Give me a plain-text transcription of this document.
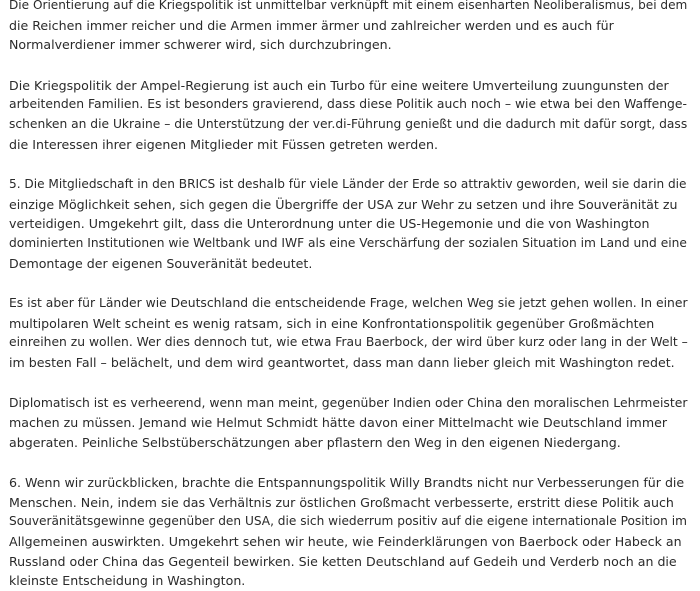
Die Orientierung auf die Kriegspolitik ist unmittelbar verknüpft mit einem eisenharten Neoliberalismus, bei dem
die Reichen immer reicher und die Armen immer ärmer und zahlreicher werden und es auch für
Normalverdiener immer schwerer wird, sich durchzubringen.

Die Kriegspolitik der Ampel-Regierung ist auch ein Turbo für eine weitere Umverteilung zuungunsten der
arbeitenden Familien. Es ist besonders gravierend, dass diese Politik auch noch – wie etwa bei den Waffenge-
schenken an die Ukraine – die Unterstützung der ver.di-Führung genießt und die dadurch mit dafür sorgt, dass
die Interessen ihrer eigenen Mitglieder mit Füssen getreten werden.

5. Die Mitgliedschaft in den BRICS ist deshalb für viele Länder der Erde so attraktiv geworden, weil sie darin die
einzige Möglichkeit sehen, sich gegen die Übergriffe der USA zur Wehr zu setzen und ihre Souveränität zu
verteidigen. Umgekehrt gilt, dass die Unterordnung unter die US-Hegemonie und die von Washington
dominierten Institutionen wie Weltbank und IWF als eine Verschärfung der sozialen Situation im Land und eine
Demontage der eigenen Souveränität bedeutet.

Es ist aber für Länder wie Deutschland die entscheidende Frage, welchen Weg sie jetzt gehen wollen. In einer
multipolaren Welt scheint es wenig ratsam, sich in eine Konfrontationspolitik gegenüber Großmächten
einreihen zu wollen. Wer dies dennoch tut, wie etwa Frau Baerbock, der wird über kurz oder lang in der Welt –
im besten Fall – belächelt, und dem wird geantwortet, dass man dann lieber gleich mit Washington redet.

Diplomatisch ist es verheerend, wenn man meint, gegenüber Indien oder China den moralischen Lehrmeister
machen zu müssen. Jemand wie Helmut Schmidt hätte davon einer Mittelmacht wie Deutschland immer
abgeraten. Peinliche Selbstüberschätzungen aber pflastern den Weg in den eigenen Niedergang.

6. Wenn wir zurückblicken, brachte die Entspannungspolitik Willy Brandts nicht nur Verbesserungen für die
Menschen. Nein, indem sie das Verhältnis zur östlichen Großmacht verbesserte, erstritt diese Politik auch
Souveränitätsgewinne gegenüber den USA, die sich wiederrum positiv auf die eigene internationale Position im
Allgemeinen auswirkten. Umgekehrt sehen wir heute, wie Feinderklärungen von Baerbock oder Habeck an
Russland oder China das Gegenteil bewirken. Sie ketten Deutschland auf Gedeih und Verderb noch an die
kleinste Entscheidung in Washington.
